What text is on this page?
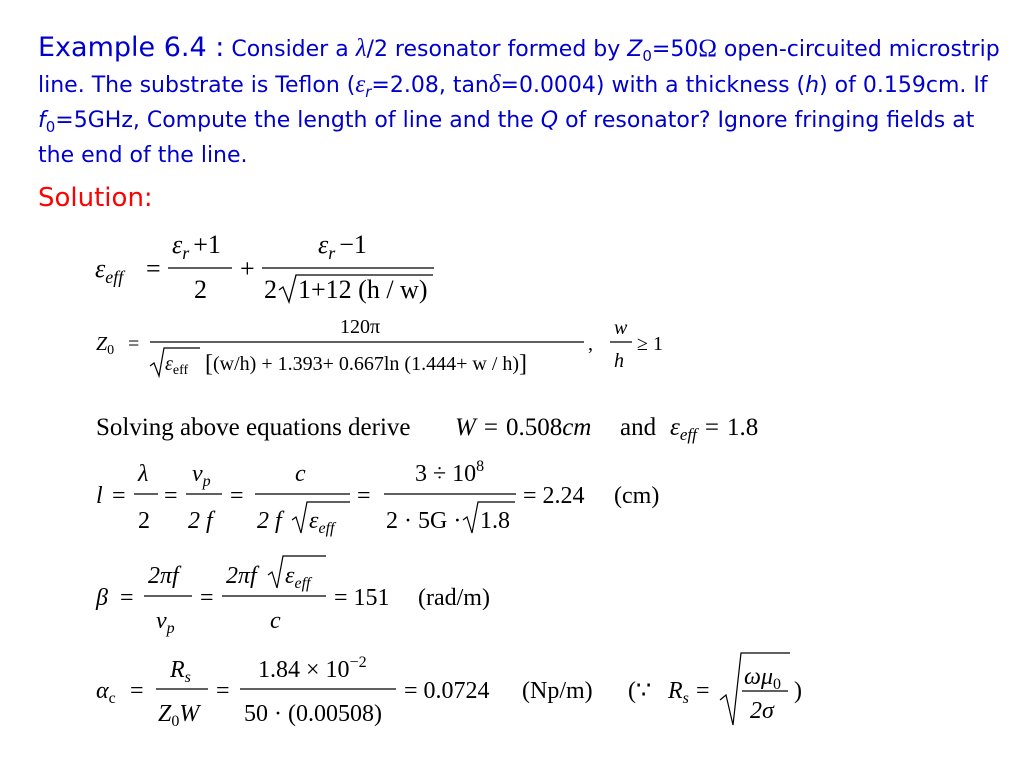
Example 6.4 : Consider a λ/2 resonator formed by $Z_0=50\Omega$ open-circuited microstrip line. The substrate is Teflon ($\varepsilon_r=2.08$, tanδ=0.0004) with a thickness (h) of 0.159cm. If $f_0=5GHz$, Compute the length of line and the Q of resonator? Ignore fringing fields at the end of the line.
Solution:
$\varepsilon_{eff}$ =
$\varepsilon_r +1$
2
+
$\varepsilon_r -1$
2 1+12 (h / w)
$Z_0$ =
120π
$\varepsilon_{eff}$ [(w/h) + 1.393+ 0.667ln (1.444+ w / h)]
,
w
h
≥ 1
Solving above equations derive W = 0.508cm and $\varepsilon_{eff} = 1.8$
l =
λ
2
=
$v_p$
2 f
=
c
2 f $\varepsilon_{eff}$
=
$3 \div 10^8$
2 · 5G · 1.8
= 2.24 (cm)
β =
2πf
$v_p$
=
2πf $\varepsilon_{eff}$
c
= 151 (rad/m)
$\alpha_c$ =
$R_s$
$Z_0W$
=
$1.84 \times 10^{-2}$
50 · (0.00508)
= 0.0724 (Np/m) (∵ $R_s$ =
$\omega\mu_0$
2σ
)
